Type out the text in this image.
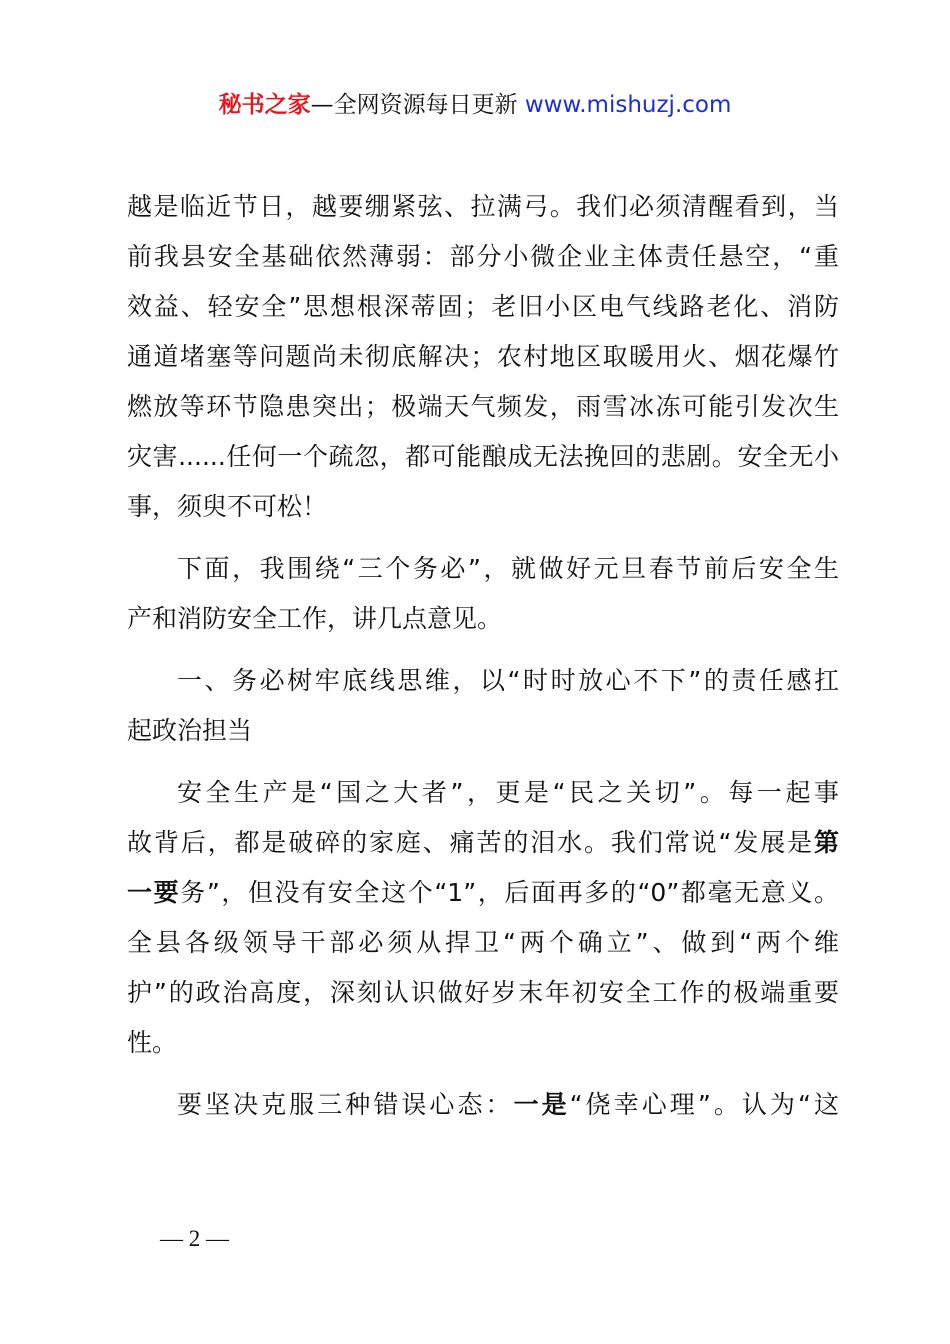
秘书之家—全网资源每日更新 www.mishuzj.com

越是临近节日，越要绷紧弦、拉满弓。我们必须清醒看到，当
前我县安全基础依然薄弱：部分小微企业主体责任悬空，“重
效益、轻安全”思想根深蒂固；老旧小区电气线路老化、消防
通道堵塞等问题尚未彻底解决；农村地区取暖用火、烟花爆竹
燃放等环节隐患突出；极端天气频发，雨雪冰冻可能引发次生
灾害......任何一个疏忽，都可能酿成无法挽回的悲剧。安全无小
事，须臾不可松！

下面，我围绕“三个务必”，就做好元旦春节前后安全生
产和消防安全工作，讲几点意见。

一、务必树牢底线思维，以“时时放心不下”的责任感扛
起政治担当

安全生产是“国之大者”，更是“民之关切”。每一起事
故背后，都是破碎的家庭、痛苦的泪水。我们常说“发展是第
一要务”，但没有安全这个“1”，后面再多的“0”都毫无意义。
全县各级领导干部必须从捍卫“两个确立”、做到“两个维
护”的政治高度，深刻认识做好岁末年初安全工作的极端重要
性。

要坚决克服三种错误心态：一是“侥幸心理”。认为“这

— 2 —
